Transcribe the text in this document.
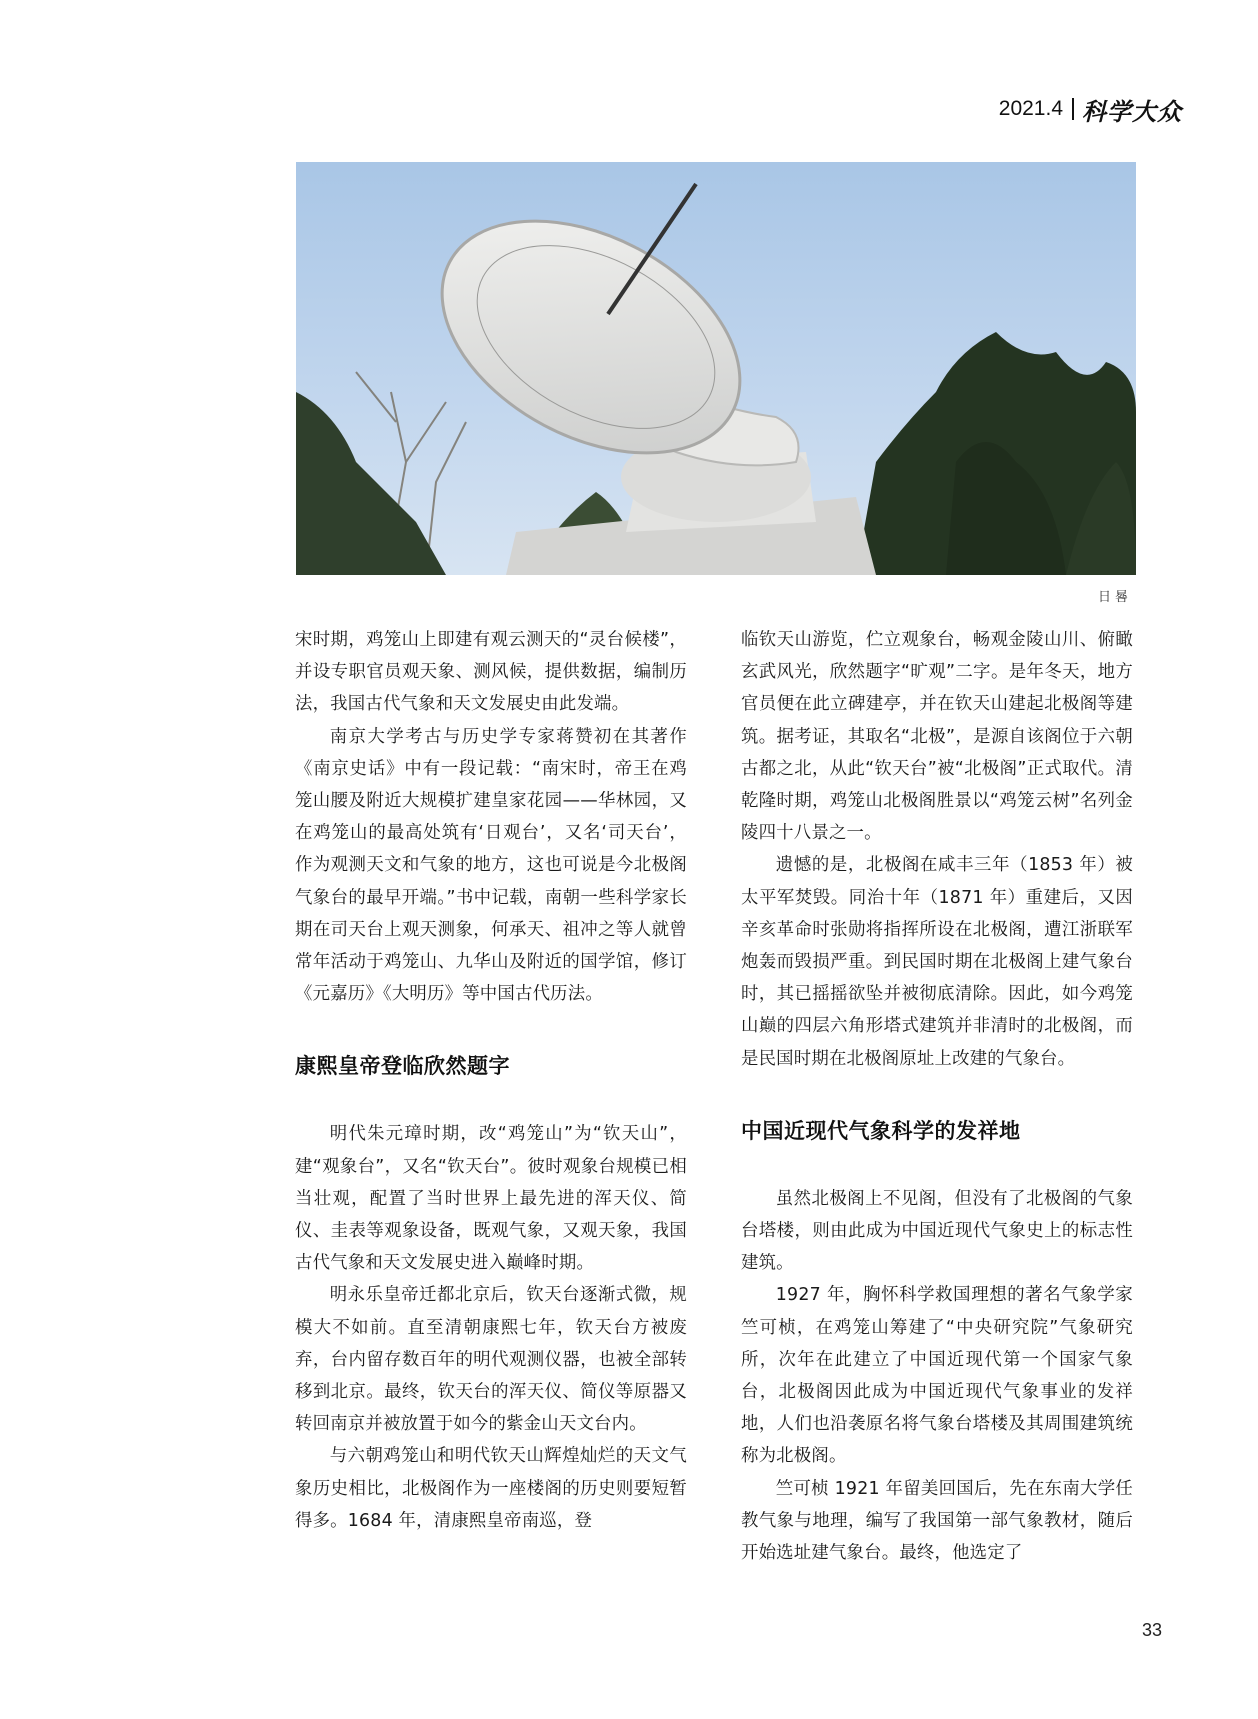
2021.4 科学大众
日晷

宋时期，鸡笼山上即建有观云测天的“灵台候楼”，并设专职官员观天象、测风候，提供数据，编制历法，我国古代气象和天文发展史由此发端。

南京大学考古与历史学专家蒋赞初在其著作《南京史话》中有一段记载：“南宋时，帝王在鸡笼山腰及附近大规模扩建皇家花园——华林园，又在鸡笼山的最高处筑有‘日观台’，又名‘司天台’，作为观测天文和气象的地方，这也可说是今北极阁气象台的最早开端。”书中记载，南朝一些科学家长期在司天台上观天测象，何承天、祖冲之等人就曾常年活动于鸡笼山、九华山及附近的国学馆，修订《元嘉历》《大明历》等中国古代历法。

康熙皇帝登临欣然题字

明代朱元璋时期，改“鸡笼山”为“钦天山”，建“观象台”，又名“钦天台”。彼时观象台规模已相当壮观，配置了当时世界上最先进的浑天仪、简仪、圭表等观象设备，既观气象，又观天象，我国古代气象和天文发展史进入巅峰时期。

明永乐皇帝迁都北京后，钦天台逐渐式微，规模大不如前。直至清朝康熙七年，钦天台方被废弃，台内留存数百年的明代观测仪器，也被全部转移到北京。最终，钦天台的浑天仪、简仪等原器又转回南京并被放置于如今的紫金山天文台内。

与六朝鸡笼山和明代钦天山辉煌灿烂的天文气象历史相比，北极阁作为一座楼阁的历史则要短暂得多。1684 年，清康熙皇帝南巡，登

临钦天山游览，伫立观象台，畅观金陵山川、俯瞰玄武风光，欣然题字“旷观”二字。是年冬天，地方官员便在此立碑建亭，并在钦天山建起北极阁等建筑。据考证，其取名“北极”，是源自该阁位于六朝古都之北，从此“钦天台”被“北极阁”正式取代。清乾隆时期，鸡笼山北极阁胜景以“鸡笼云树”名列金陵四十八景之一。

遗憾的是，北极阁在咸丰三年（1853 年）被太平军焚毁。同治十年（1871 年）重建后，又因辛亥革命时张勋将指挥所设在北极阁，遭江浙联军炮轰而毁损严重。到民国时期在北极阁上建气象台时，其已摇摇欲坠并被彻底清除。因此，如今鸡笼山巅的四层六角形塔式建筑并非清时的北极阁，而是民国时期在北极阁原址上改建的气象台。

中国近现代气象科学的发祥地

虽然北极阁上不见阁，但没有了北极阁的气象台塔楼，则由此成为中国近现代气象史上的标志性建筑。

1927 年，胸怀科学救国理想的著名气象学家竺可桢，在鸡笼山筹建了“中央研究院”气象研究所，次年在此建立了中国近现代第一个国家气象台，北极阁因此成为中国近现代气象事业的发祥地，人们也沿袭原名将气象台塔楼及其周围建筑统称为北极阁。

竺可桢 1921 年留美回国后，先在东南大学任教气象与地理，编写了我国第一部气象教材，随后开始选址建气象台。最终，他选定了

33
